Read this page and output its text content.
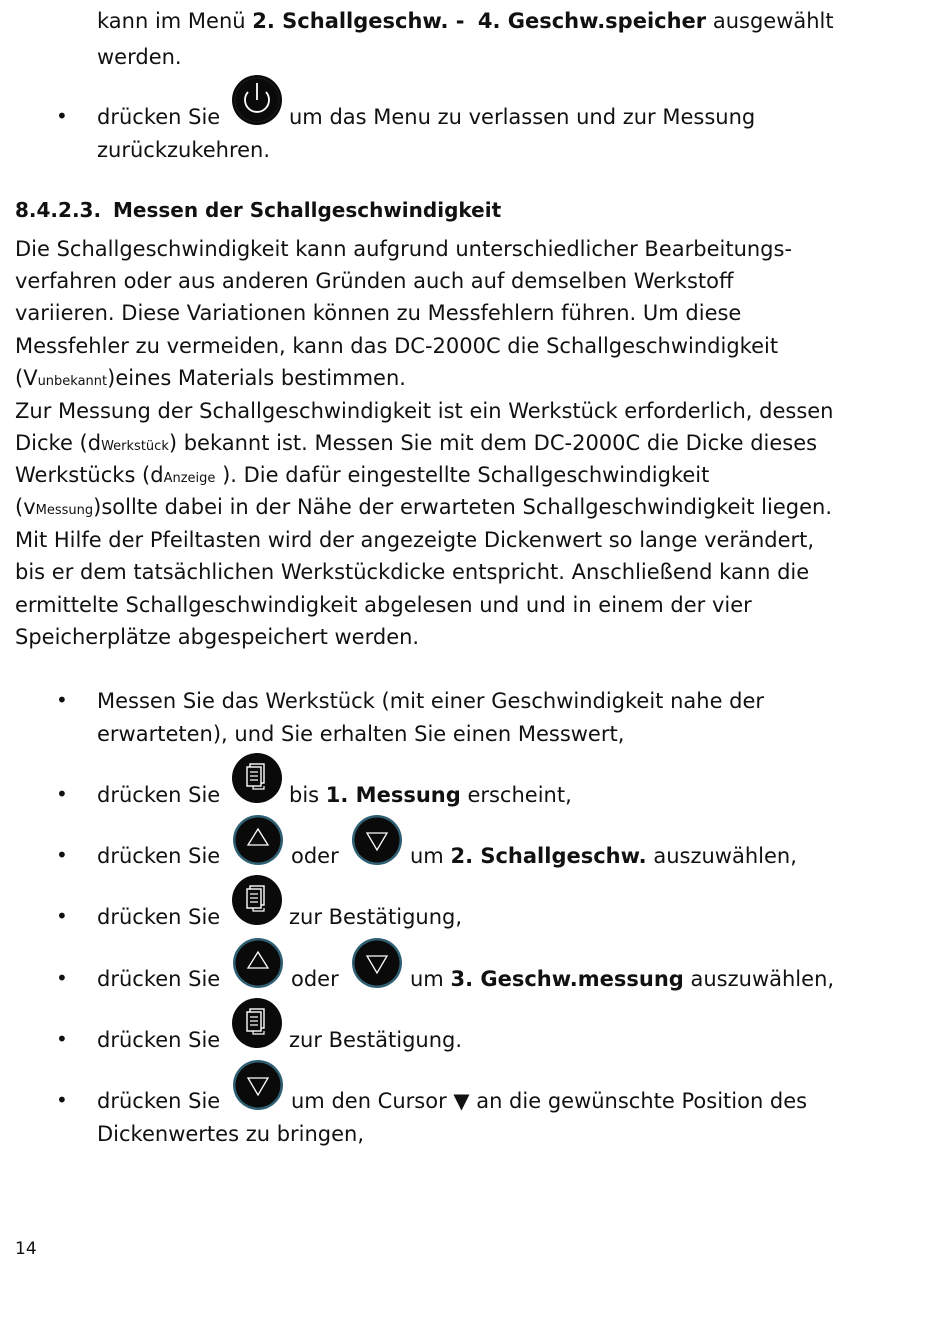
kann im Menü 2. Schallgeschw. - 4. Geschw.speicher ausgewählt
werden.
• drücken Sie	um das Menu zu verlassen und zur Messung
zurückzukehren.
8.4.2.3. Messen der Schallgeschwindigkeit
Die Schallgeschwindigkeit kann aufgrund unterschiedlicher Bearbeitungs-
verfahren oder aus anderen Gründen auch auf demselben Werkstoff
variieren. Diese Variationen können zu Messfehlern führen. Um diese
Messfehler zu vermeiden, kann das DC-2000C die Schallgeschwindigkeit
(Vunbekannt)eines Materials bestimmen.
Zur Messung der Schallgeschwindigkeit ist ein Werkstück erforderlich, dessen
Dicke (dWerkstück) bekannt ist. Messen Sie mit dem DC-2000C die Dicke dieses
Werkstücks (dAnzeige ). Die dafür eingestellte Schallgeschwindigkeit
(vMessung)sollte dabei in der Nähe der erwarteten Schallgeschwindigkeit liegen.
Mit Hilfe der Pfeiltasten wird der angezeigte Dickenwert so lange verändert,
bis er dem tatsächlichen Werkstückdicke entspricht. Anschließend kann die
ermittelte Schallgeschwindigkeit abgelesen und und in einem der vier
Speicherplätze abgespeichert werden.
• Messen Sie das Werkstück (mit einer Geschwindigkeit nahe der
erwarteten), und Sie erhalten Sie einen Messwert,
• drücken Sie	bis 1. Messung erscheint,
• drücken Sie	oder	um 2. Schallgeschw. auszuwählen,
• drücken Sie	zur Bestätigung,
• drücken Sie	oder	um 3. Geschw.messung auszuwählen,
• drücken Sie	zur Bestätigung.
• drücken Sie	um den Cursor ▼ an die gewünschte Position des
Dickenwertes zu bringen,
14
